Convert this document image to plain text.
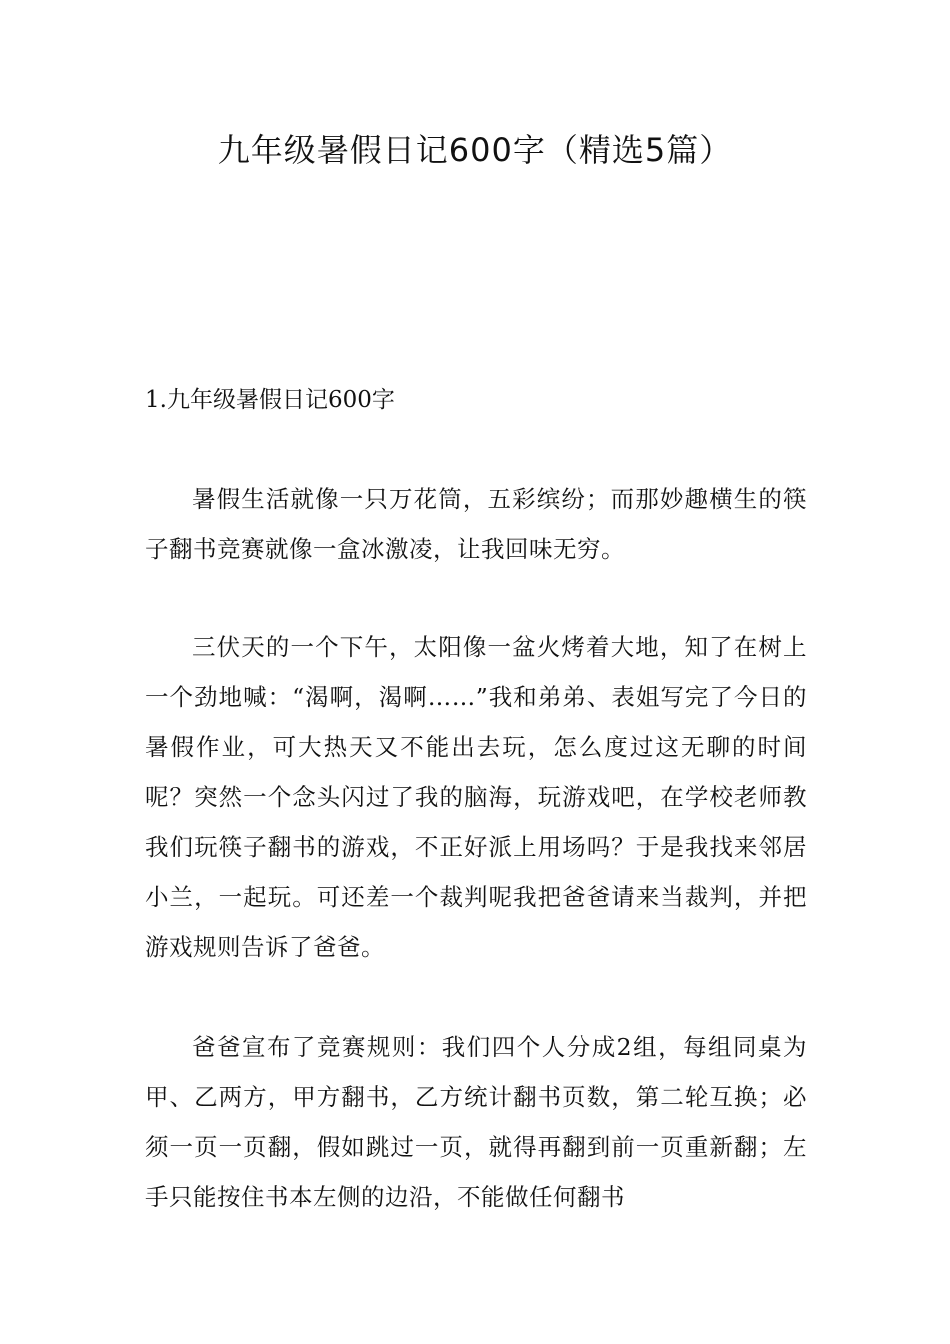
九年级暑假日记600字（精选5篇）
1.九年级暑假日记600字

暑假生活就像一只万花筒，五彩缤纷；而那妙趣横生的筷子翻书竞赛就像一盒冰激凌，让我回味无穷。

三伏天的一个下午，太阳像一盆火烤着大地，知了在树上一个劲地喊：“渴啊，渴啊……”我和弟弟、表姐写完了今日的暑假作业，可大热天又不能出去玩，怎么度过这无聊的时间呢？突然一个念头闪过了我的脑海，玩游戏吧，在学校老师教我们玩筷子翻书的游戏，不正好派上用场吗？于是我找来邻居小兰，一起玩。可还差一个裁判呢我把爸爸请来当裁判，并把游戏规则告诉了爸爸。

爸爸宣布了竞赛规则：我们四个人分成2组，每组同桌为甲、乙两方，甲方翻书，乙方统计翻书页数，第二轮互换；必须一页一页翻，假如跳过一页，就得再翻到前一页重新翻；左手只能按住书本左侧的边沿，不能做任何翻书
